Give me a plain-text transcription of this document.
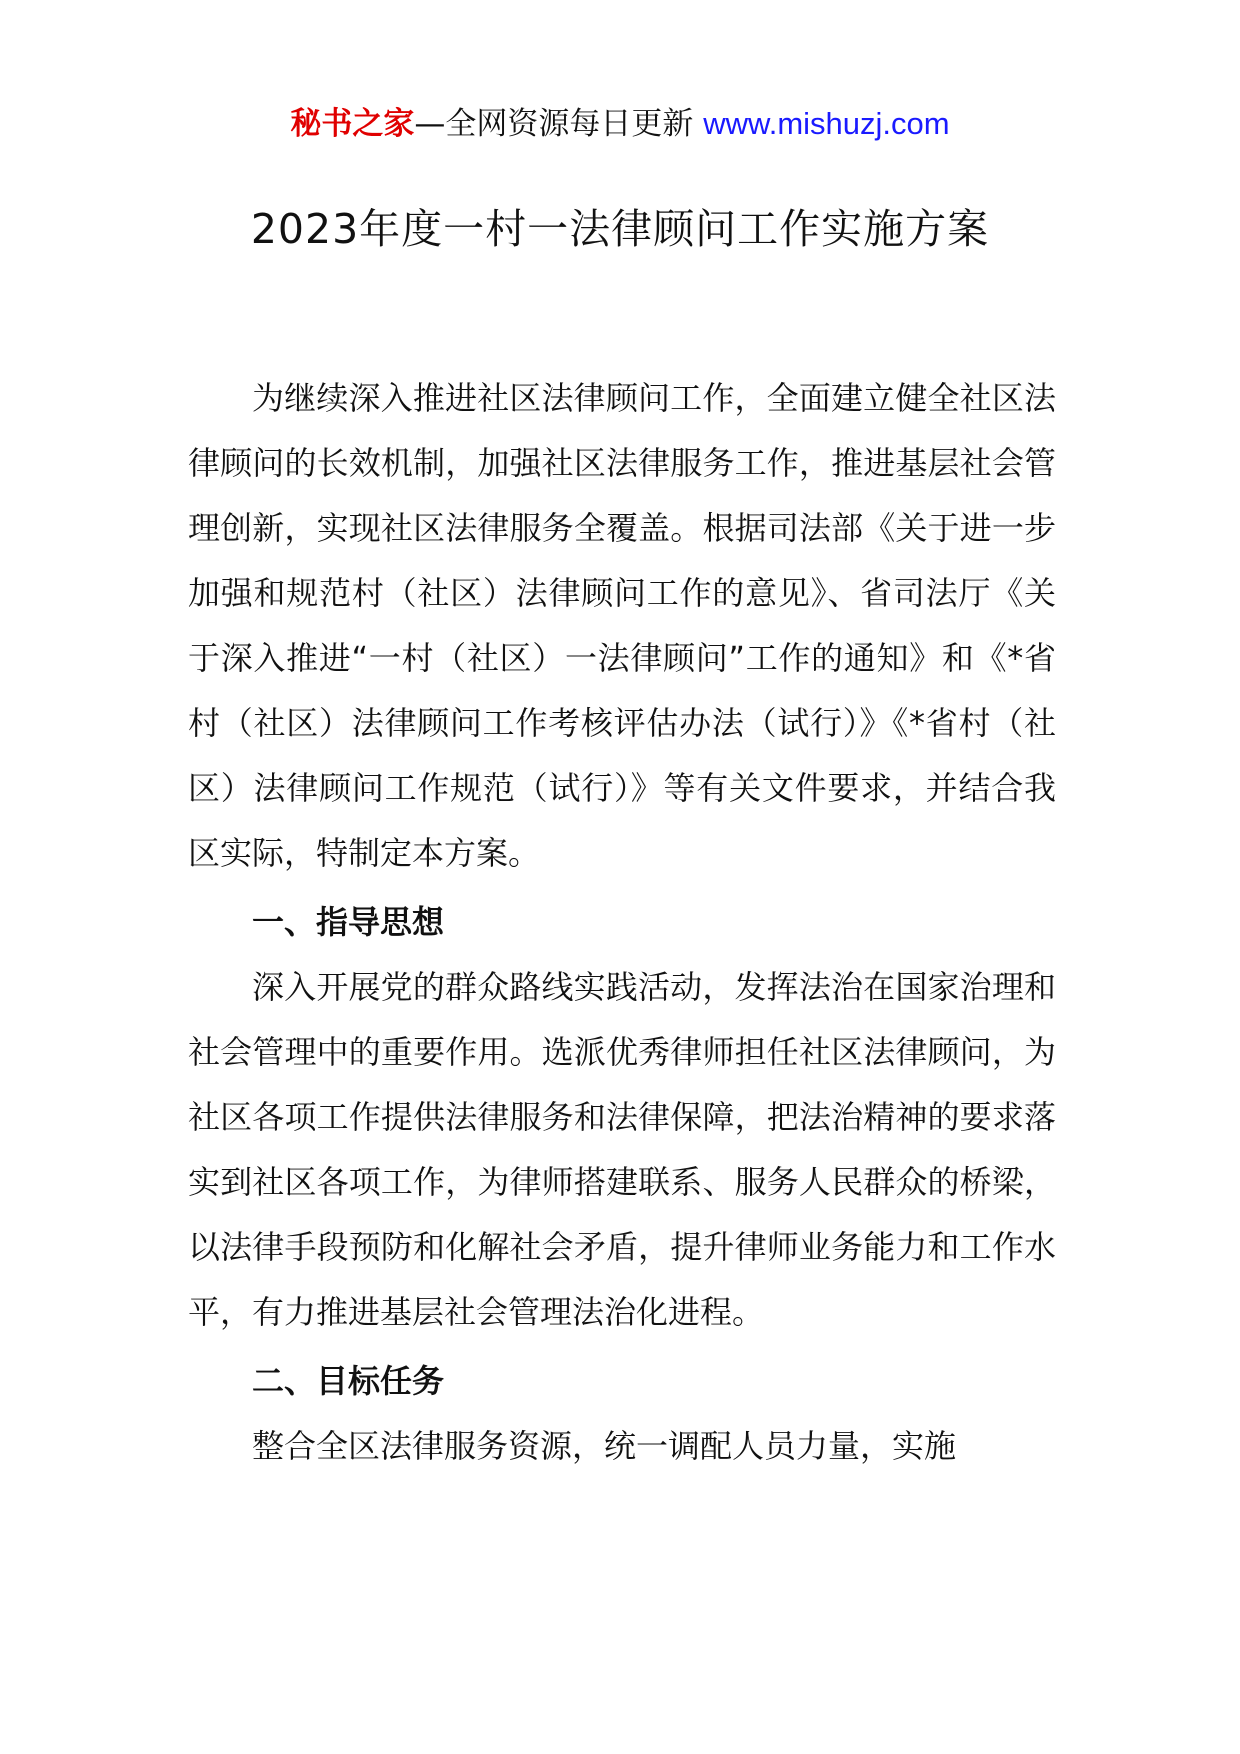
秘书之家—全网资源每日更新 www.mishuzj.com
2023年度一村一法律顾问工作实施方案

为继续深入推进社区法律顾问工作，全面建立健全社区法律顾问的长效机制，加强社区法律服务工作，推进基层社会管理创新，实现社区法律服务全覆盖。根据司法部《关于进一步加强和规范村（社区）法律顾问工作的意见》、省司法厅《关于深入推进“一村（社区）一法律顾问”工作的通知》和《*省村（社区）法律顾问工作考核评估办法（试行）》《*省村（社区）法律顾问工作规范（试行）》等有关文件要求，并结合我区实际，特制定本方案。

一、指导思想

深入开展党的群众路线实践活动，发挥法治在国家治理和社会管理中的重要作用。选派优秀律师担任社区法律顾问，为社区各项工作提供法律服务和法律保障，把法治精神的要求落实到社区各项工作，为律师搭建联系、服务人民群众的桥梁，以法律手段预防和化解社会矛盾，提升律师业务能力和工作水平，有力推进基层社会管理法治化进程。

二、目标任务

整合全区法律服务资源，统一调配人员力量，实施
